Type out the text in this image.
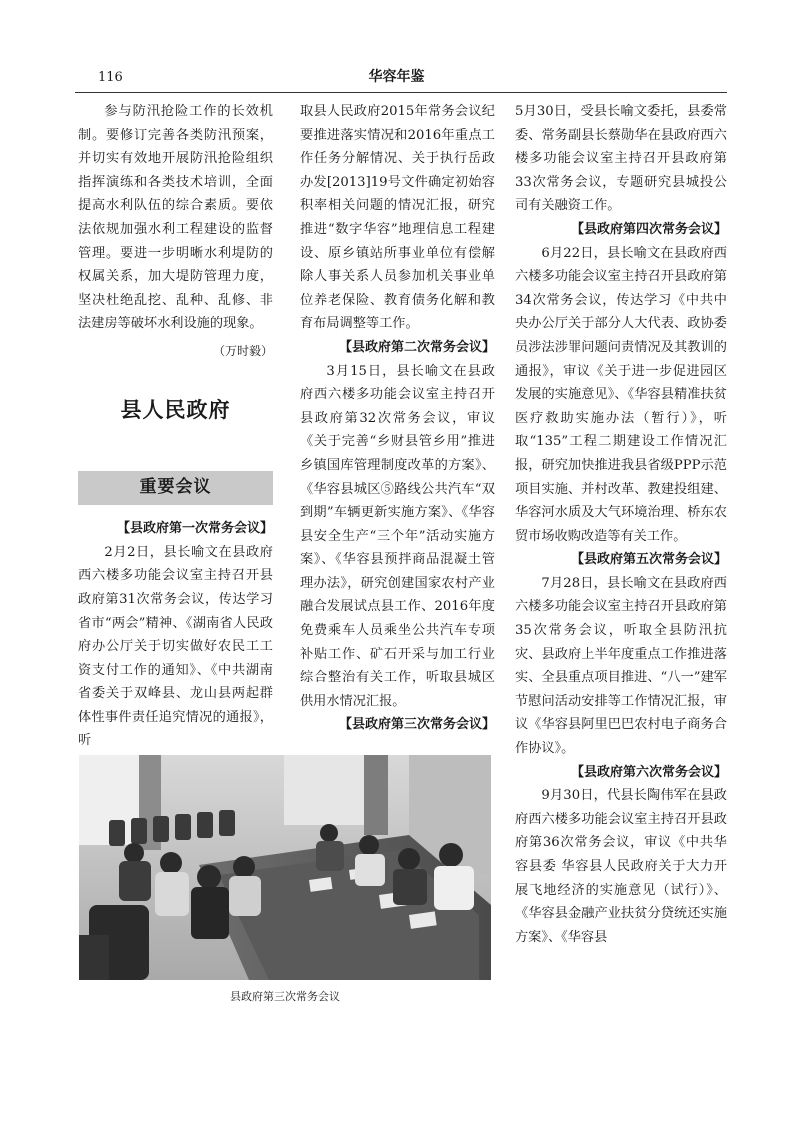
116	华容年鉴

参与防汛抢险工作的长效机制。要修订完善各类防汛预案，并切实有效地开展防汛抢险组织指挥演练和各类技术培训，全面提高水利队伍的综合素质。要依法依规加强水利工程建设的监督管理。要进一步明晰水利堤防的权属关系，加大堤防管理力度，坚决杜绝乱挖、乱种、乱修、非法建房等破坏水利设施的现象。

（万时毅）
县人民政府
重要会议
【县政府第一次常务会议】

2月2日，县长喻文在县政府西六楼多功能会议室主持召开县政府第31次常务会议，传达学习省市“两会”精神、《湖南省人民政府办公厅关于切实做好农民工工资支付工作的通知》、《中共湖南省委关于双峰县、龙山县两起群体性事件责任追究情况的通报》，听

取县人民政府2015年常务会议纪要推进落实情况和2016年重点工作任务分解情况、关于执行岳政办发[2013]19号文件确定初始容积率相关问题的情况汇报，研究推进“数字华容”地理信息工程建设、原乡镇站所事业单位有偿解除人事关系人员参加机关事业单位养老保险、教育债务化解和教育布局调整等工作。

【县政府第二次常务会议】

3月15日，县长喻文在县政府西六楼多功能会议室主持召开县政府第32次常务会议，审议《关于完善“乡财县管乡用”推进乡镇国库管理制度改革的方案》、《华容县城区⑤路线公共汽车“双到期”车辆更新实施方案》、《华容县安全生产“三个年”活动实施方案》、《华容县预拌商品混凝土管理办法》，研究创建国家农村产业融合发展试点县工作、2016年度免费乘车人员乘坐公共汽车专项补贴工作、矿石开采与加工行业综合整治有关工作，听取县城区供用水情况汇报。

【县政府第三次常务会议】

5月30日，受县长喻文委托，县委常委、常务副县长蔡勋华在县政府西六楼多功能会议室主持召开县政府第33次常务会议，专题研究县城投公司有关融资工作。

【县政府第四次常务会议】

6月22日，县长喻文在县政府西六楼多功能会议室主持召开县政府第34次常务会议，传达学习《中共中央办公厅关于部分人大代表、政协委员涉法涉罪问题问责情况及其教训的通报》，审议《关于进一步促进园区发展的实施意见》、《华容县精准扶贫医疗救助实施办法（暂行）》，听取“135”工程二期建设工作情况汇报，研究加快推进我县省级PPP示范项目实施、并村改革、教建投组建、华容河水质及大气环境治理、桥东农贸市场收购改造等有关工作。

【县政府第五次常务会议】

7月28日，县长喻文在县政府西六楼多功能会议室主持召开县政府第35次常务会议，听取全县防汛抗灾、县政府上半年度重点工作推进落实、全县重点项目推进、“八一”建军节慰问活动安排等工作情况汇报，审议《华容县阿里巴巴农村电子商务合作协议》。

【县政府第六次常务会议】

9月30日，代县长陶伟军在县政府西六楼多功能会议室主持召开县政府第36次常务会议，审议《中共华容县委 华容县人民政府关于大力开展飞地经济的实施意见（试行）》、《华容县金融产业扶贫分贷统还实施方案》、《华容县

县政府第三次常务会议
